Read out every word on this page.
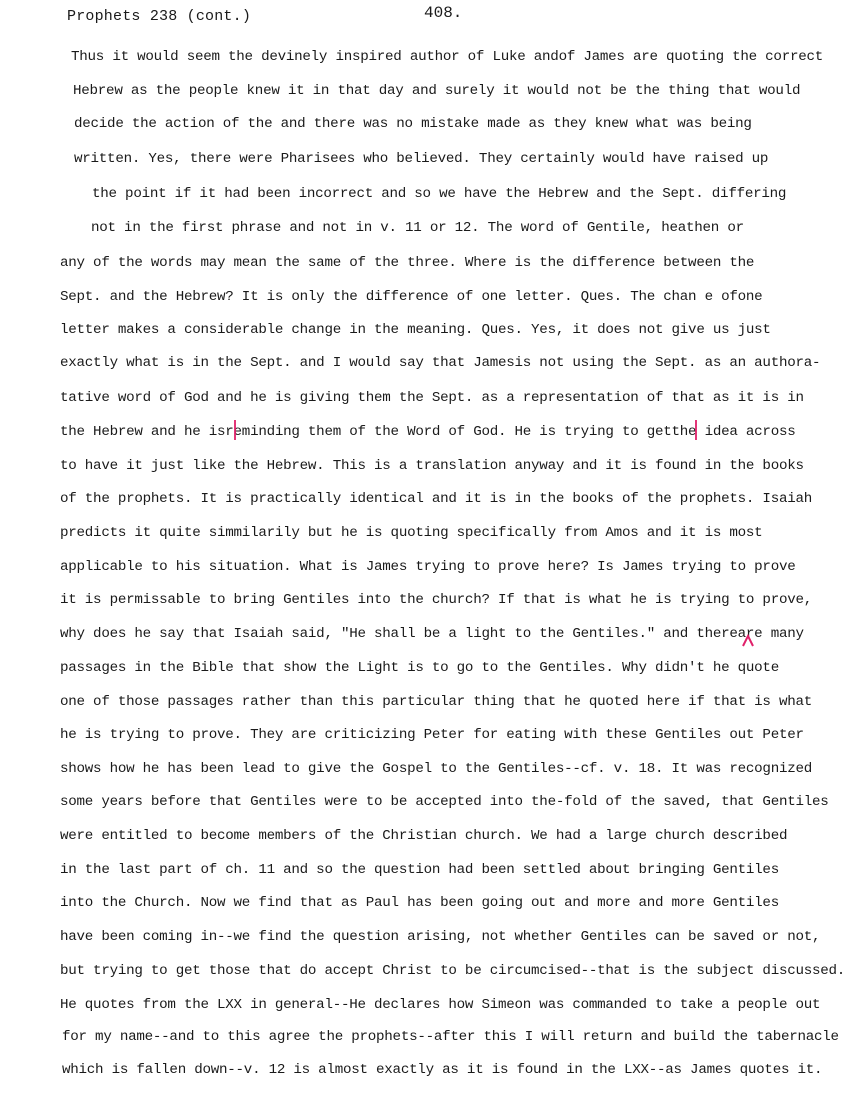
Prophets 238 (cont.)	408.
Thus it would seem the devinely inspired author of Luke andof James are quoting the correct
Hebrew as the people knew it in that day and surely it would not be the thing that would
decide the action of the and there was no mistake made as they knew what was being
written. Yes, there were Pharisees who believed. They certainly would have raised up
the point if it had been incorrect and so we have the Hebrew and the Sept. differing
not in the first phrase and not in v. 11 or 12. The word of Gentile, heathen or
any of the words may mean the same of the three. Where is the difference between the
Sept. and the Hebrew? It is only the difference of one letter. Ques. The chan e ofone
letter makes a considerable change in the meaning. Ques. Yes, it does not give us just
exactly what is in the Sept. and I would say that Jamesis not using the Sept. as an authora-
tative word of God and he is giving them the Sept. as a representation of that as it is in
the Hebrew and he isreminding them of the Word of God. He is trying to getthe idea across
to have it just like the Hebrew. This is a translation anyway and it is found in the books
of the prophets. It is practically identical and it is in the books of the prophets. Isaiah
predicts it quite simmilarily but he is quoting specifically from Amos and it is most
applicable to his situation. What is James trying to prove here? Is James trying to prove
it is permissable to bring Gentiles into the church? If that is what he is trying to prove,
why does he say that Isaiah said, "He shall be a light to the Gentiles." and thereare many
passages in the Bible that show the Light is to go to the Gentiles. Why didn't he quote
one of those passages rather than this particular thing that he quoted here if that is what
he is trying to prove. They are criticizing Peter for eating with these Gentiles out Peter
shows how he has been lead to give the Gospel to the Gentiles--cf. v. 18. It was recognized
some years before that Gentiles were to be accepted into the-fold of the saved, that Gentiles
were entitled to become members of the Christian church. We had a large church described
in the last part of ch. 11 and so the question had been settled about bringing Gentiles
into the Church. Now we find that as Paul has been going out and more and more Gentiles
have been coming in--we find the question arising, not whether Gentiles can be saved or not,
but trying to get those that do accept Christ to be circumcised--that is the subject discussed.
He quotes from the LXX in general--He declares how Simeon was commanded to take a people out
for my name--and to this agree the prophets--after this I will return and build the tabernacle
which is fallen down--v. 12 is almost exactly as it is found in the LXX--as James quotes it.
